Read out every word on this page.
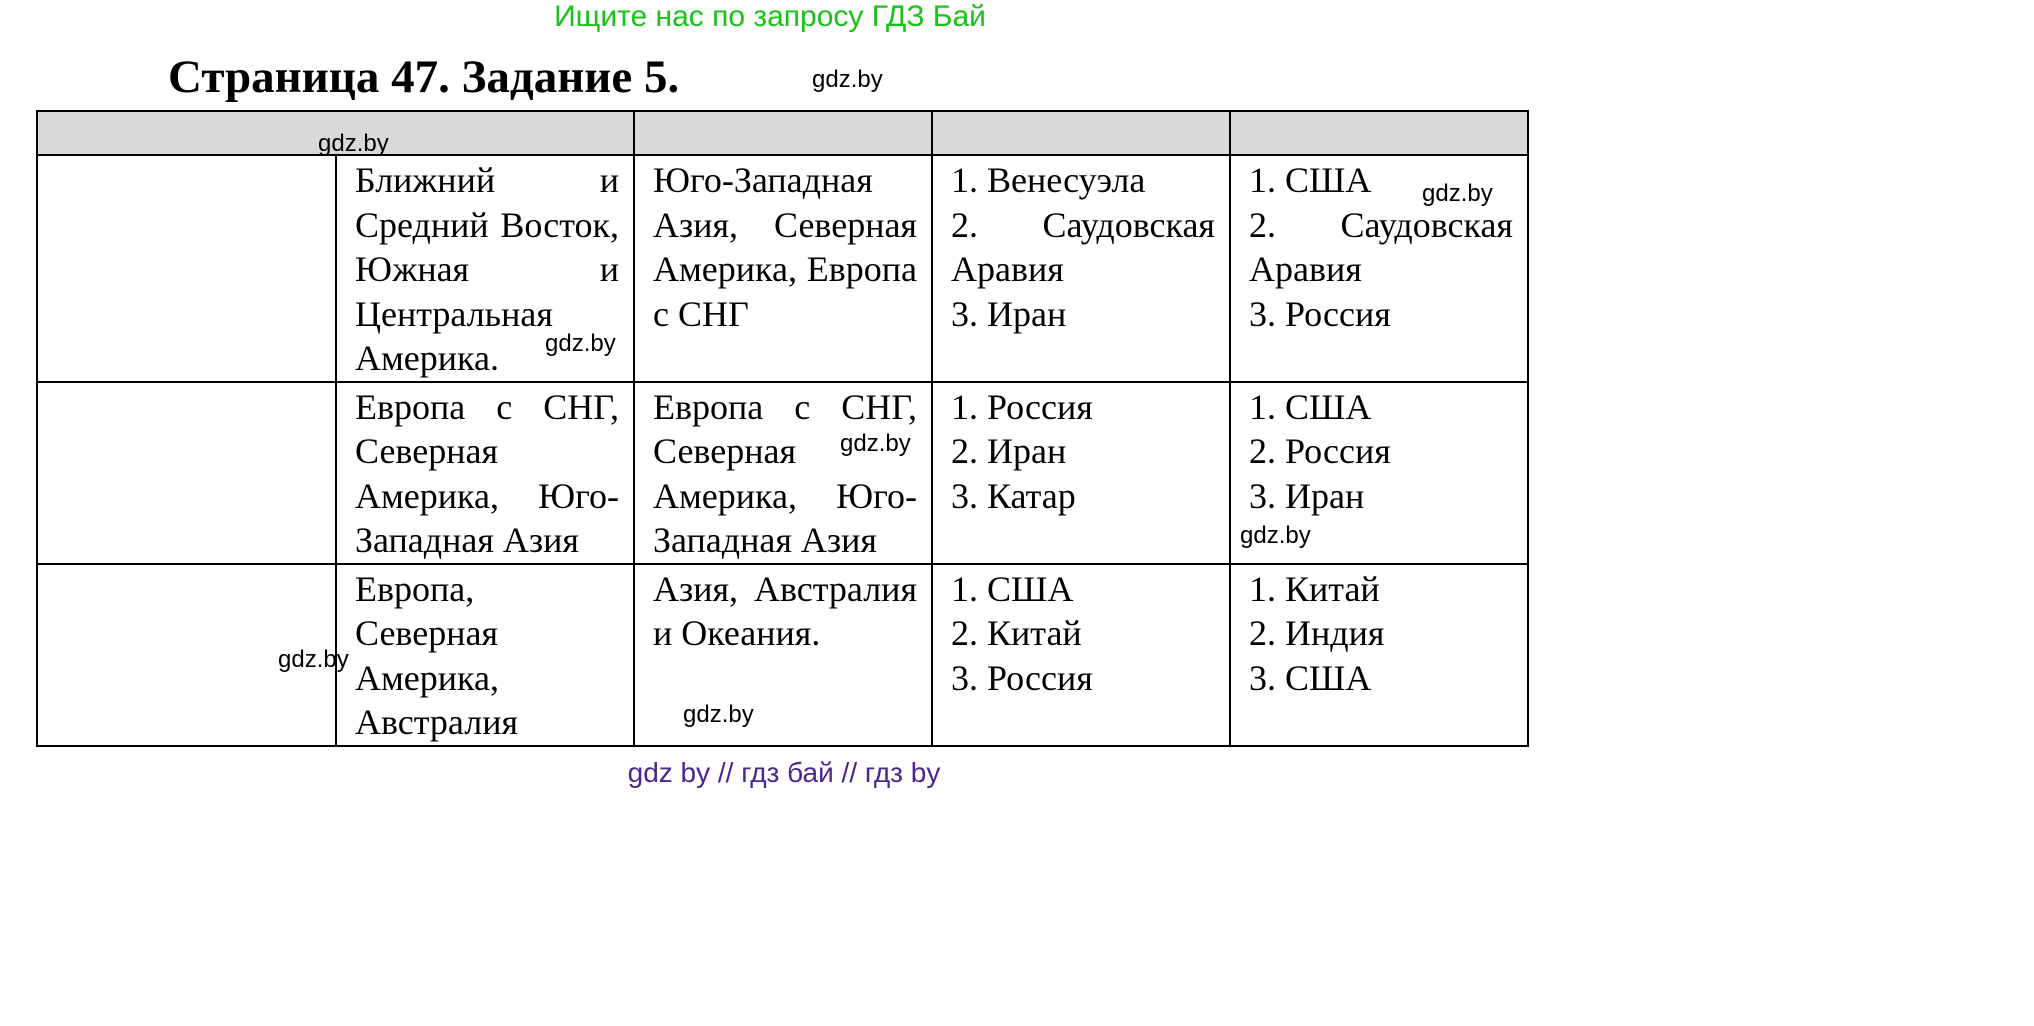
Ищите нас по запросу ГДЗ Бай
Страница 47. Задание 5.

	Ближний и Средний Восток, Южная и Центральная Америка.	Юго-Западная Азия, Северная Америка, Европа с СНГ	1. Венесуэла
2. Саудовская Аравия
3. Иран	1. США
2. Саудовская Аравия
3. Россия

	Европа с СНГ, Северная Америка, Юго-Западная Азия	Европа с СНГ, Северная Америка, Юго-Западная Азия	1. Россия
2. Иран
3. Катар	1. США
2. Россия
3. Иран

	Европа, Северная Америка, Австралия	Азия, Австралия и Океания.	1. США
2. Китай
3. Россия	1. Китай
2. Индия
3. США
gdz.by
gdz.by
gdz.by
gdz.by
gdz.by
gdz.by
gdz.by
gdz.by
gdz by // гдз бай // гдз by
